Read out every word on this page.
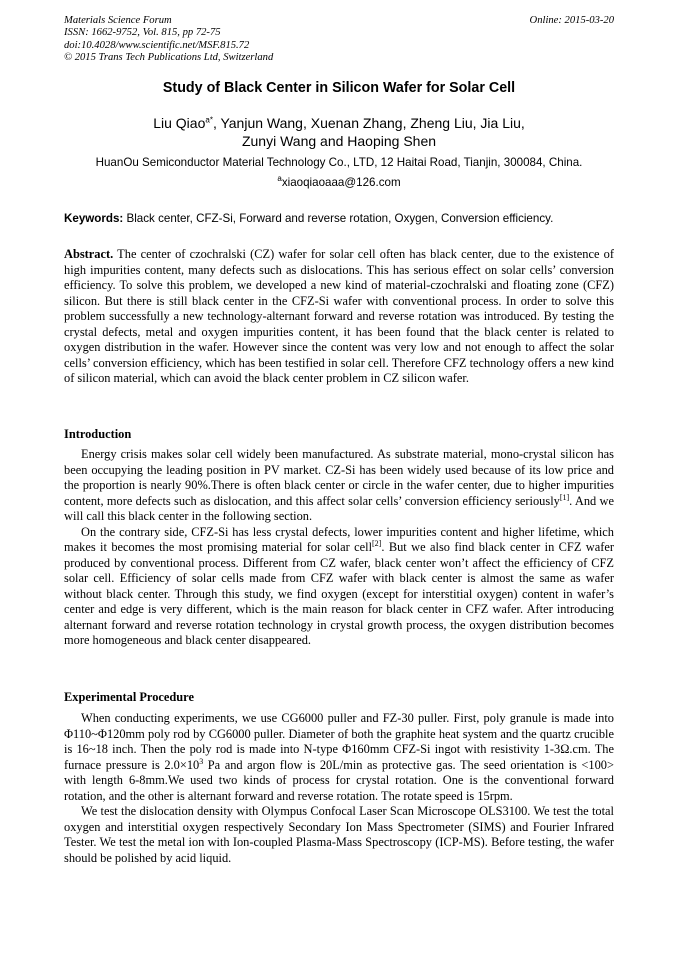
Materials Science Forum
ISSN: 1662-9752, Vol. 815, pp 72-75
doi:10.4028/www.scientific.net/MSF.815.72
© 2015 Trans Tech Publications Ltd, Switzerland
Online: 2015-03-20
Study of Black Center in Silicon Wafer for Solar Cell
Liu Qiao$^{a*}$, Yanjun Wang, Xuenan Zhang, Zheng Liu, Jia Liu,
Zunyi Wang and Haoping Shen
HuanOu Semiconductor Material Technology Co., LTD, 12 Haitai Road, Tianjin, 300084, China.
$^a$xiaoqiaoaaa@126.com
Keywords: Black center, CFZ-Si, Forward and reverse rotation, Oxygen, Conversion efficiency.

Abstract. The center of czochralski (CZ) wafer for solar cell often has black center, due to the existence of high impurities content, many defects such as dislocations. This has serious effect on solar cells’ conversion efficiency. To solve this problem, we developed a new kind of material-czochralski and floating zone (CFZ) silicon. But there is still black center in the CFZ-Si wafer with conventional process. In order to solve this problem successfully a new technology-alternant forward and reverse rotation was introduced. By testing the crystal defects, metal and oxygen impurities content, it has been found that the black center is related to oxygen distribution in the wafer. However since the content was very low and not enough to affect the solar cells’ conversion efficiency, which has been testified in solar cell. Therefore CFZ technology offers a new kind of silicon material, which can avoid the black center problem in CZ silicon wafer.

Introduction

Energy crisis makes solar cell widely been manufactured. As substrate material, mono-crystal silicon has been occupying the leading position in PV market. CZ-Si has been widely used because of its low price and the proportion is nearly 90%.There is often black center or circle in the wafer center, due to higher impurities content, more defects such as dislocation, and this affect solar cells’ conversion efficiency seriously[1]. And we will call this black center in the following section.

On the contrary side, CFZ-Si has less crystal defects, lower impurities content and higher lifetime, which makes it becomes the most promising material for solar cell[2]. But we also find black center in CFZ wafer produced by conventional process. Different from CZ wafer, black center won’t affect the efficiency of CFZ solar cell. Efficiency of solar cells made from CFZ wafer with black center is almost the same as wafer without black center. Through this study, we find oxygen (except for interstitial oxygen) content in wafer’s center and edge is very different, which is the main reason for black center in CFZ wafer. After introducing alternant forward and reverse rotation technology in crystal growth process, the oxygen distribution becomes more homogeneous and black center disappeared.

Experimental Procedure

When conducting experiments, we use CG6000 puller and FZ-30 puller. First, poly granule is made into Φ110~Φ120mm poly rod by CG6000 puller. Diameter of both the graphite heat system and the quartz crucible is 16~18 inch. Then the poly rod is made into N-type Φ160mm CFZ-Si ingot with resistivity 1-3Ω.cm. The furnace pressure is $2.0\times 10^3$ Pa and argon flow is 20L/min as protective gas. The seed orientation is <100> with length 6-8mm.We used two kinds of process for crystal rotation. One is the conventional forward rotation, and the other is alternant forward and reverse rotation. The rotate speed is 15rpm.

We test the dislocation density with Olympus Confocal Laser Scan Microscope OLS3100. We test the total oxygen and interstitial oxygen respectively Secondary Ion Mass Spectrometer (SIMS) and Fourier Infrared Tester. We test the metal ion with Ion-coupled Plasma-Mass Spectroscopy (ICP-MS). Before testing, the wafer should be polished by acid liquid.
